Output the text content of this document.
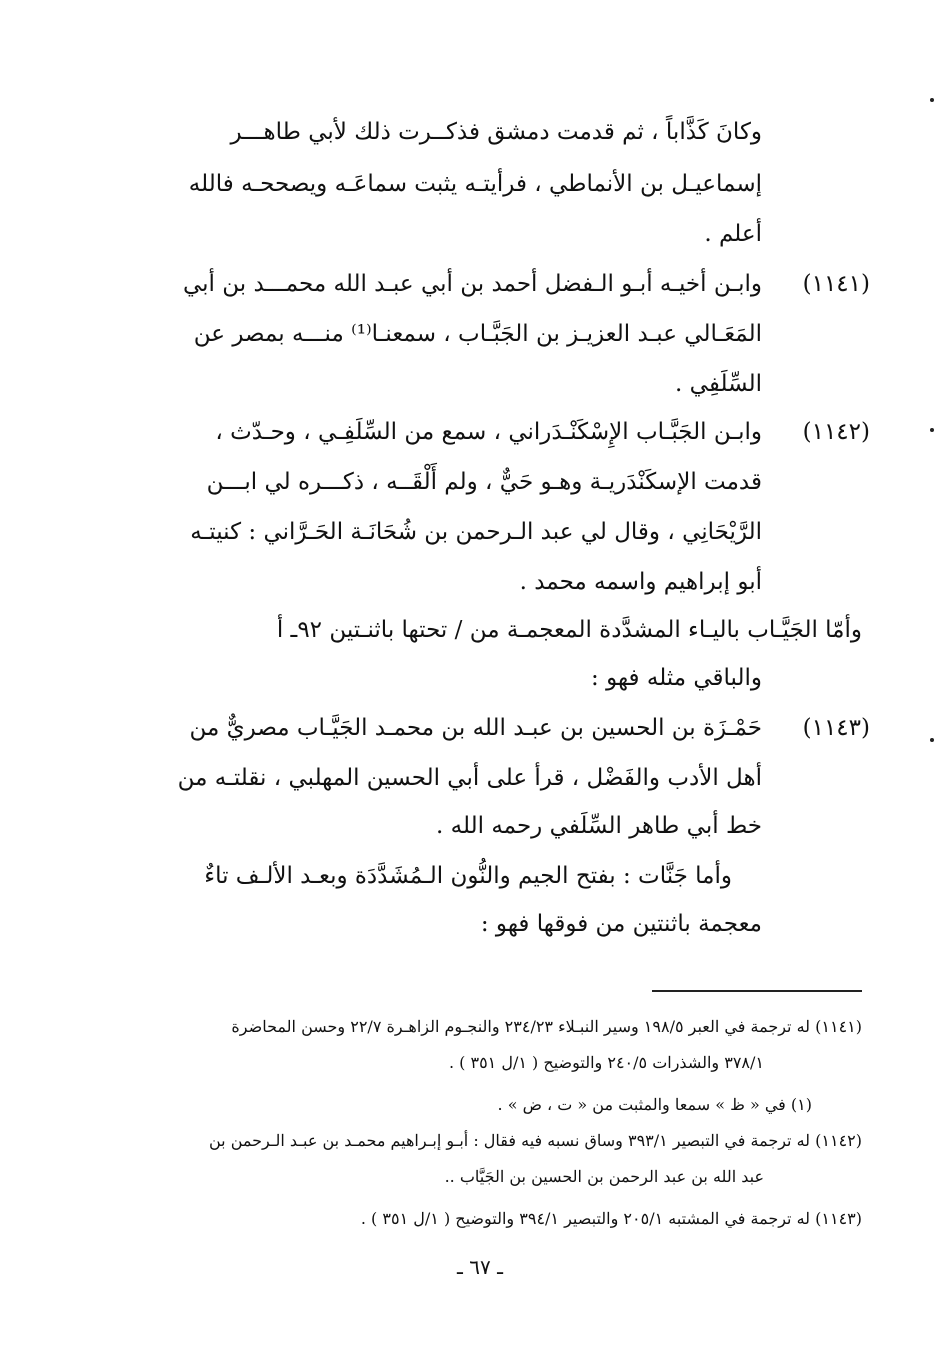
وكانَ كَذَّاباً ، ثم قدمت دمشق فذكــرت ذلك لأبي طاهـــر
إسماعيـل بن الأنماطي ، فرأيتـه يثبت سماعَـه ويصححـه فالله
أعلم .
(١١٤١)
وابـن أخيـه أبـو الـفضل أحمد بن أبي عبـد الله محمـــد بن أبي
المَعَـالي عبـد العزيـز بن الجَبَّـاب ، سمعنـا⁽¹⁾ منـــه بمصر عن
السِّلَفِي .
(١١٤٢)
وابـن الجَبَّـاب الإِسْكَنْـدَراني ، سمع من السِّلَفِـي ، وحـدّث ،
قدمت الإسكَنْدَريـة وهـو حَيٌّ ، ولم أَلْقَــه ، ذكـــره لي ابـــن
الرَّيْحَانِي ، وقال لي عبد الـرحمن بن شُحَانَـة الحَـرَّاني : كنيتـه
أبو إبراهيم واسمه محمد .
وأمّا الجَيَّـاب باليـاء المشدَّدة المعجمـة من / تحتها باثنـتين ٩٢ـ أ
والباقي مثله فهو :
(١١٤٣)
حَمْـزَة بن الحسين بن عبـد الله بن محمـد الجَيَّـاب مصريٌّ من
أهل الأدب والفَضْل ، قرأ على أبي الحسين المهلبي ، نقلتـه من
خط أبي طاهر السِّلَفي رحمه الله .
وأما جَنَّات : بفتح الجيم والنُّون الـمُشَدَّدَة وبعـد الألـف تاءٌ
معجمة باثنتين من فوقها فهو :
(١١٤١) له ترجمة في العبر ١٩٨/٥ وسير النبـلاء ٢٣٤/٢٣ والنجـوم الزاهـرة ٢٢/٧ وحسن المحاضرة
٣٧٨/١ والشذرات ٢٤٠/٥ والتوضيح ( ١/ل ٣٥١ ) .
(١) في « ظ » سمعا والمثبت من « ت ، ض » .
(١١٤٢) له ترجمة في التبصير ٣٩٣/١ وساق نسبه فيه فقال : أبـو إبـراهيم محمـد بن عبـد الـرحمن بن
عبد الله بن عبد الرحمن بن الحسين بن الجَيَّاب ..
(١١٤٣) له ترجمة في المشتبه ٢٠٥/١ والتبصير ٣٩٤/١ والتوضيح ( ١/ل ٣٥١ ) .
ـ ٦٧ ـ
